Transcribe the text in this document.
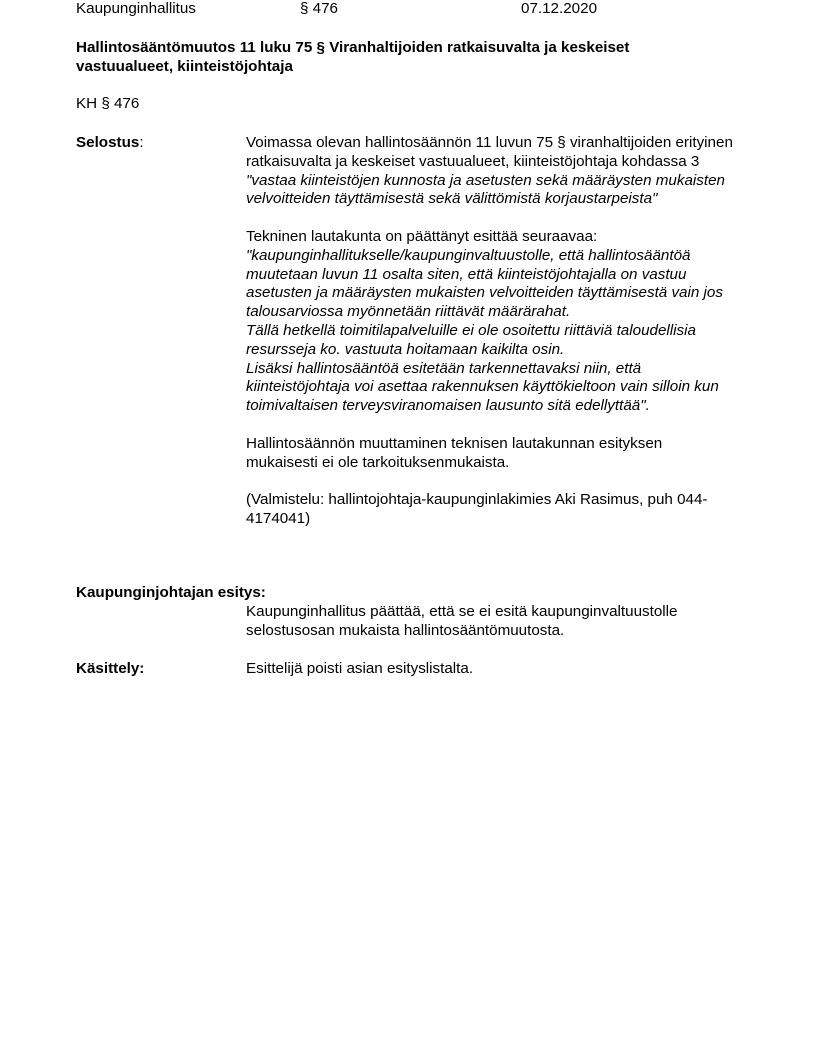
Kaupunginhallitus	§ 476	07.12.2020
Hallintosääntömuutos 11 luku 75 § Viranhaltijoiden ratkaisuvalta ja keskeiset vastuualueet, kiinteistöjohtaja
KH § 476
Selostus:	Voimassa olevan hallintosäännön 11 luvun 75 § viranhaltijoiden erityinen ratkaisuvalta ja keskeiset vastuualueet, kiinteistöjohtaja kohdassa 3

"vastaa kiinteistöjen kunnosta ja asetusten sekä määräysten mukaisten velvoitteiden täyttämisestä sekä välittömistä korjaustarpeista"

Tekninen lautakunta on päättänyt esittää seuraavaa:

"kaupunginhallitukselle/kaupunginvaltuustolle, että hallintosääntöä muutetaan luvun 11 osalta siten, että kiinteistöjohtajalla on vastuu asetusten ja määräysten mukaisten velvoitteiden täyttämisestä vain jos talousarviossa myönnetään riittävät määrärahat.

Tällä hetkellä toimitilapalveluille ei ole osoitettu riittäviä taloudellisia resursseja ko. vastuuta hoitamaan kaikilta osin.

Lisäksi hallintosääntöä esitetään tarkennettavaksi niin, että kiinteistöjohtaja voi asettaa rakennuksen käyttökieltoon vain silloin kun toimivaltaisen terveysviranomaisen lausunto sitä edellyttää".

Hallintosäännön muuttaminen teknisen lautakunnan esityksen mukaisesti ei ole tarkoituksenmukaista.

(Valmistelu: hallintojohtaja-kaupunginlakimies Aki Rasimus, puh 044-4174041)

Kaupunginjohtajan esitys:

Kaupunginhallitus päättää, että se ei esitä kaupunginvaltuustolle selostusosan mukaista hallintosääntömuutosta.

Käsittely:	Esittelijä poisti asian esityslistalta.
